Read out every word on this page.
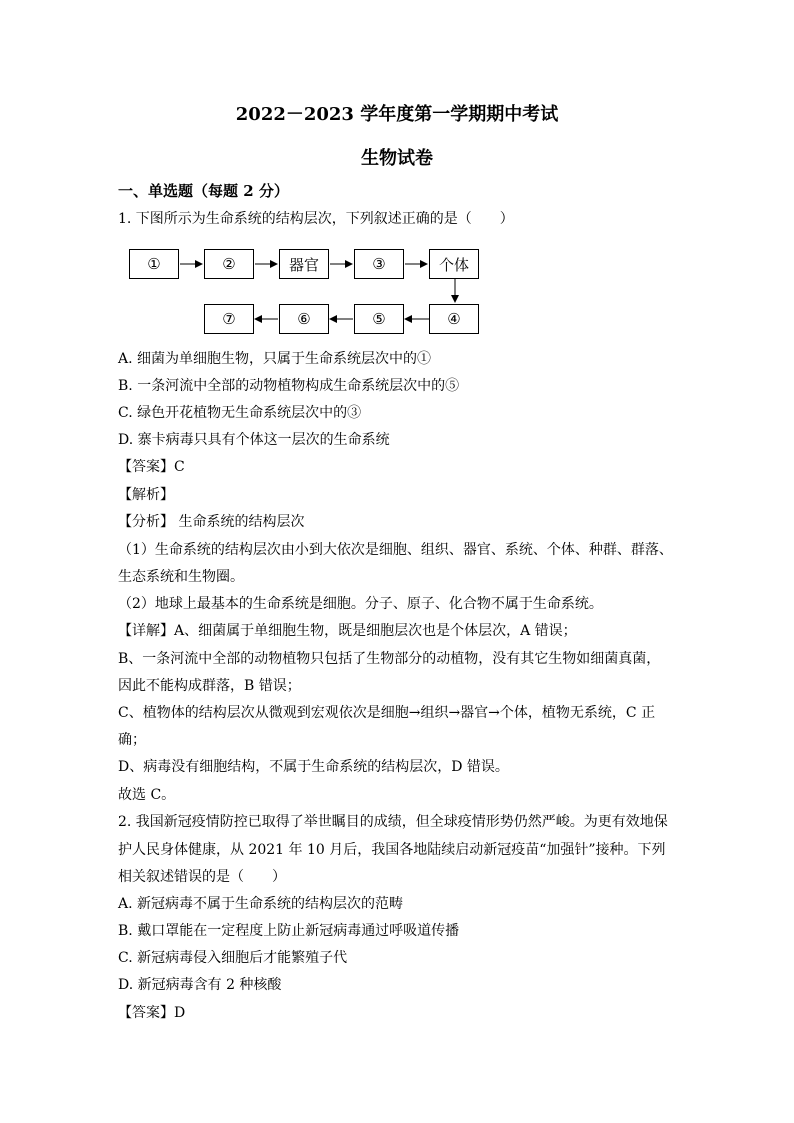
2022－2023 学年度第一学期期中考试
生物试卷
一、单选题（每题 2 分）
1. 下图所示为生命系统的结构层次，下列叙述正确的是（　　）
①	②	器官	③	个体
⑦	⑥	⑤	④
A. 细菌为单细胞生物，只属于生命系统层次中的①
B. 一条河流中全部的动物植物构成生命系统层次中的⑤
C. 绿色开花植物无生命系统层次中的③
D. 寨卡病毒只具有个体这一层次的生命系统
【答案】C
【解析】
【分析】 生命系统的结构层次
（1）生命系统的结构层次由小到大依次是细胞、组织、器官、系统、个体、种群、群落、
生态系统和生物圈。
（2）地球上最基本的生命系统是细胞。分子、原子、化合物不属于生命系统。
【详解】A、细菌属于单细胞生物，既是细胞层次也是个体层次，A 错误；
B、一条河流中全部的动物植物只包括了生物部分的动植物，没有其它生物如细菌真菌，
因此不能构成群落，B 错误；
C、植物体的结构层次从微观到宏观依次是细胞→组织→器官→个体，植物无系统，C 正
确；
D、病毒没有细胞结构，不属于生命系统的结构层次，D 错误。
故选 C。
2. 我国新冠疫情防控已取得了举世瞩目的成绩，但全球疫情形势仍然严峻。为更有效地保
护人民身体健康，从 2021 年 10 月后，我国各地陆续启动新冠疫苗“加强针”接种。下列
相关叙述错误的是（　　）
A. 新冠病毒不属于生命系统的结构层次的范畴
B. 戴口罩能在一定程度上防止新冠病毒通过呼吸道传播
C. 新冠病毒侵入细胞后才能繁殖子代
D. 新冠病毒含有 2 种核酸
【答案】D
